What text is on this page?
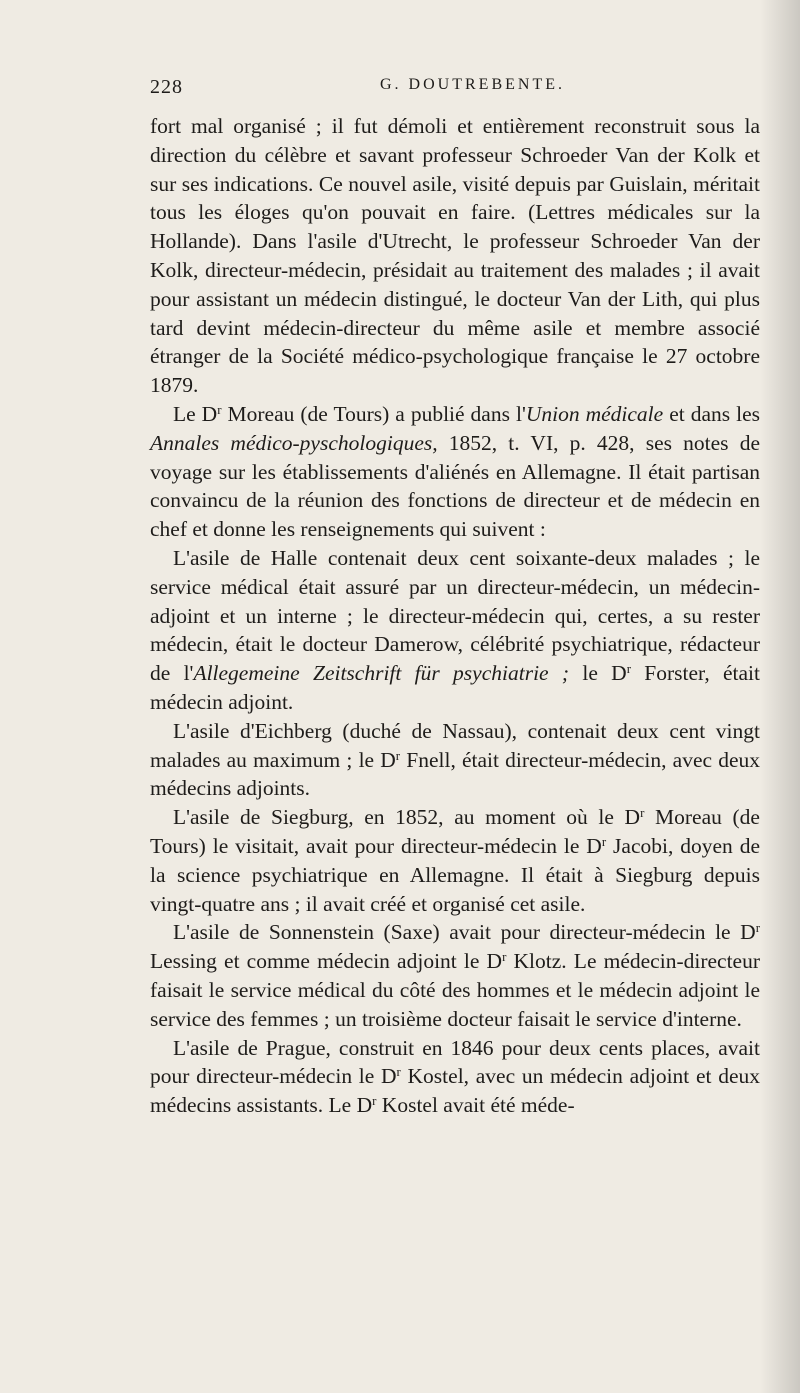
228	G. DOUTREBENTE.

fort mal organisé ; il fut démoli et entièrement reconstruit sous la direction du célèbre et savant professeur Schroeder Van der Kolk et sur ses indications. Ce nouvel asile, visité depuis par Guislain, méritait tous les éloges qu'on pouvait en faire. (Lettres médicales sur la Hollande). Dans l'asile d'Utrecht, le professeur Schroeder Van der Kolk, directeur-médecin, présidait au traitement des malades ; il avait pour assistant un médecin distingué, le docteur Van der Lith, qui plus tard devint médecin-directeur du même asile et membre associé étranger de la Société médico-psychologique française le 27 octobre 1879.

Le $D^r$ Moreau (de Tours) a publié dans l'Union médicale et dans les Annales médico-pyschologiques, 1852, t. VI, p. 428, ses notes de voyage sur les établissements d'aliénés en Allemagne. Il était partisan convaincu de la réunion des fonctions de directeur et de médecin en chef et donne les renseignements qui suivent :

L'asile de Halle contenait deux cent soixante-deux malades ; le service médical était assuré par un directeur-médecin, un médecin-adjoint et un interne ; le directeur-médecin qui, certes, a su rester médecin, était le docteur Damerow, célébrité psychiatrique, rédacteur de l'Allegemeine Zeitschrift für psychiatrie ; le $D^r$ Forster, était médecin adjoint.

L'asile d'Eichberg (duché de Nassau), contenait deux cent vingt malades au maximum ; le $D^r$ Fnell, était directeur-médecin, avec deux médecins adjoints.

L'asile de Siegburg, en 1852, au moment où le $D^r$ Moreau (de Tours) le visitait, avait pour directeur-médecin le $D^r$ Jacobi, doyen de la science psychiatrique en Allemagne. Il était à Siegburg depuis vingt-quatre ans ; il avait créé et organisé cet asile.

L'asile de Sonnenstein (Saxe) avait pour directeur-médecin le $D^r$ Lessing et comme médecin adjoint le $D^r$ Klotz. Le médecin-directeur faisait le service médical du côté des hommes et le médecin adjoint le service des femmes ; un troisième docteur faisait le service d'interne.

L'asile de Prague, construit en 1846 pour deux cents places, avait pour directeur-médecin le $D^r$ Kostel, avec un médecin adjoint et deux médecins assistants. Le $D^r$ Kostel avait été méde-
